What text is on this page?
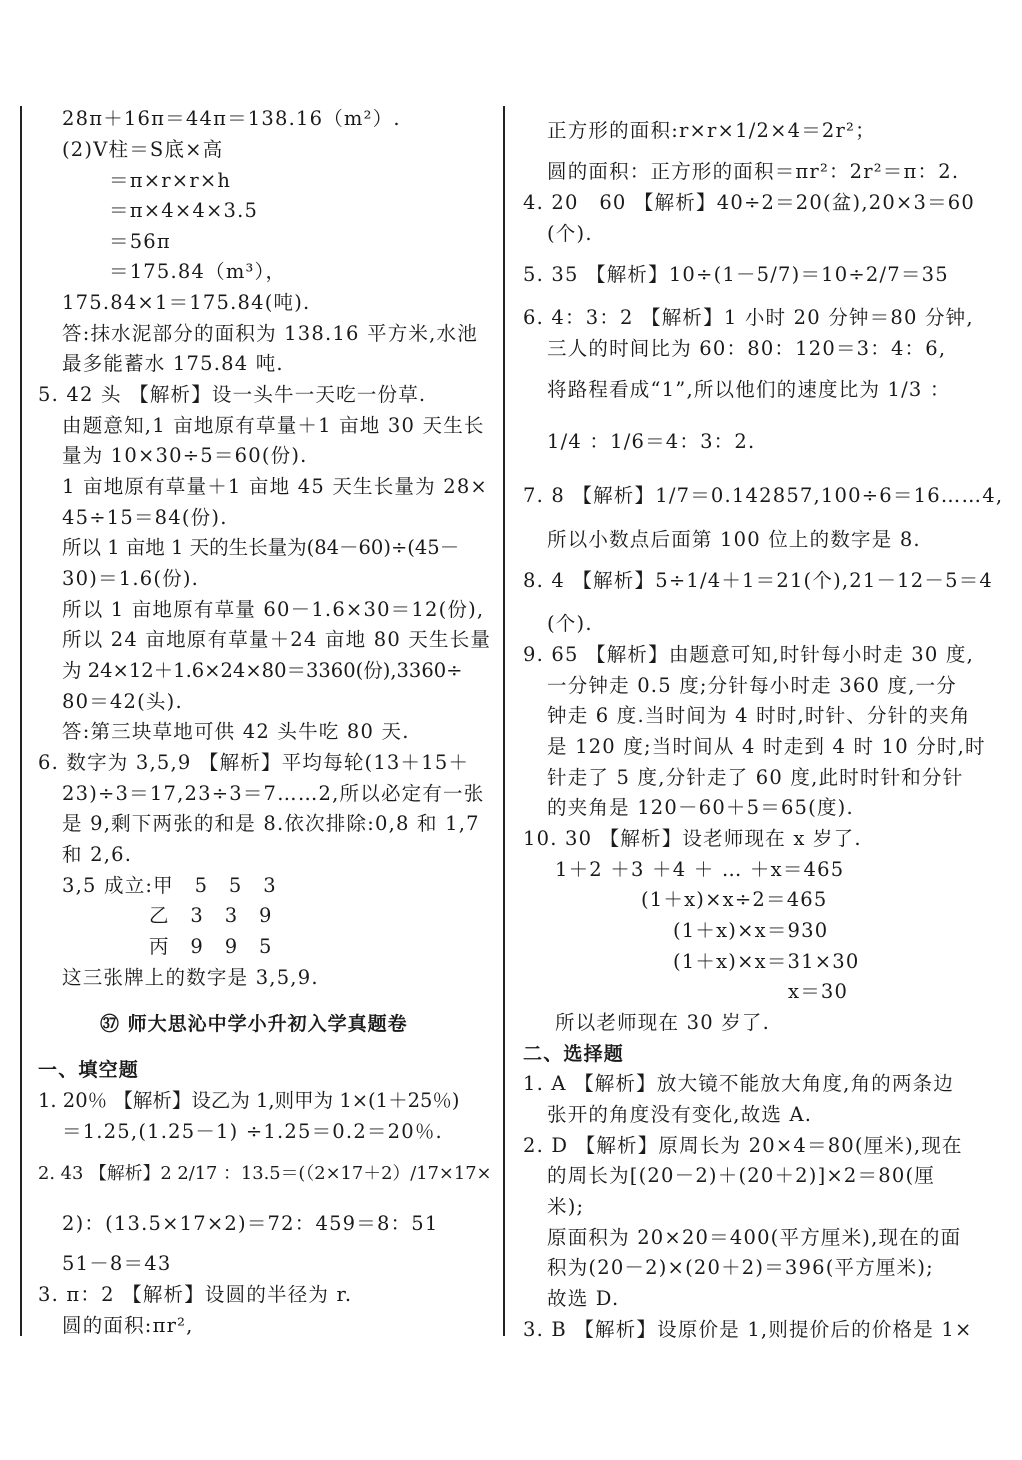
28π＋16π＝44π＝138.16（m²）.
(2)V柱＝S底×高
＝π×r×r×h
＝π×4×4×3.5
＝56π
＝175.84（m³），
175.84×1＝175.84(吨).
答:抹水泥部分的面积为 138.16 平方米,水池
最多能蓄水 175.84 吨.
5. 42 头 【解析】设一头牛一天吃一份草.
由题意知,1 亩地原有草量＋1 亩地 30 天生长
量为 10×30÷5＝60(份).
1 亩地原有草量＋1 亩地 45 天生长量为 28×
45÷15＝84(份).
所以 1 亩地 1 天的生长量为(84－60)÷(45－
30)＝1.6(份).
所以 1 亩地原有草量 60－1.6×30＝12(份),
所以 24 亩地原有草量＋24 亩地 80 天生长量
为 24×12＋1.6×24×80＝3360(份),3360÷
80＝42(头).
答:第三块草地可供 42 头牛吃 80 天.
6. 数字为 3,5,9 【解析】平均每轮(13＋15＋
23)÷3＝17,23÷3＝7……2,所以必定有一张
是 9,剩下两张的和是 8.依次排除:0,8 和 1,7
和 2,6.
3,5 成立:甲　5　5　3
乙　3　3　9
丙　9　9　5
这三张牌上的数字是 3,5,9.
㊲ 师大思沁中学小升初入学真题卷
一、填空题
1. 20％ 【解析】设乙为 1,则甲为 1×(1＋25％)
＝1.25,(1.25－1) ÷1.25＝0.2＝20％.
2. 43 【解析】2 2/17 ：13.5＝(（2×17＋2）/17×17×
2)：(13.5×17×2)＝72：459＝8：51
51－8＝43
3. π：2 【解析】设圆的半径为 r.
圆的面积:πr²,
正方形的面积:r×r×1/2×4＝2r²；
圆的面积：正方形的面积＝πr²：2r²＝π：2.
4. 20　60 【解析】40÷2＝20(盆),20×3＝60
(个).
5. 35 【解析】10÷(1－5/7)＝10÷2/7＝35
6. 4：3：2 【解析】1 小时 20 分钟＝80 分钟,
三人的时间比为 60：80：120＝3：4：6,
将路程看成“1”,所以他们的速度比为 1/3 ：
1/4 ：1/6＝4：3：2.
7. 8 【解析】1/7＝0.142857,100÷6＝16……4,
所以小数点后面第 100 位上的数字是 8.
8. 4 【解析】5÷1/4＋1＝21(个),21－12－5＝4
(个).
9. 65 【解析】由题意可知,时针每小时走 30 度,
一分钟走 0.5 度;分针每小时走 360 度,一分
钟走 6 度.当时间为 4 时时,时针、分针的夹角
是 120 度;当时间从 4 时走到 4 时 10 分时,时
针走了 5 度,分针走了 60 度,此时时针和分针
的夹角是 120－60＋5＝65(度).
10. 30 【解析】设老师现在 x 岁了.
1＋2 ＋3 ＋4 ＋ … ＋x＝465
(1＋x)×x÷2＝465
(1＋x)×x＝930
(1＋x)×x＝31×30
x＝30
所以老师现在 30 岁了.
二、选择题
1. A 【解析】放大镜不能放大角度,角的两条边
张开的角度没有变化,故选 A.
2. D 【解析】原周长为 20×4＝80(厘米),现在
的周长为[(20－2)＋(20＋2)]×2＝80(厘
米);
原面积为 20×20＝400(平方厘米),现在的面
积为(20－2)×(20＋2)＝396(平方厘米);
故选 D.
3. B 【解析】设原价是 1,则提价后的价格是 1×
